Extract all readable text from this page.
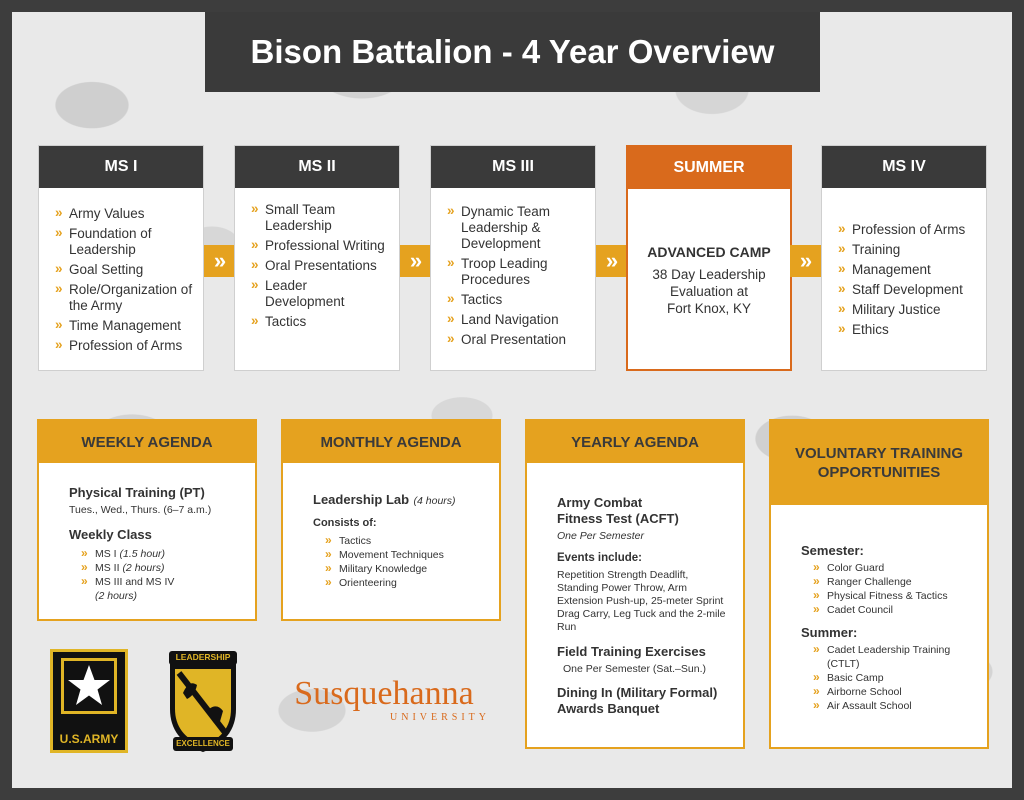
Bison Battalion - 4 Year Overview
MS I
» Army Values
» Foundation of Leadership
» Goal Setting
» Role/Organization of the Army
» Time Management
» Profession of Arms
»
MS II
» Small Team Leadership
» Professional Writing
» Oral Presentations
» Leader Development
» Tactics
»
MS III
» Dynamic Team Leadership & Development
» Troop Leading Procedures
» Tactics
» Land Navigation
» Oral Presentation
»
SUMMER
ADVANCED CAMP
38 Day Leadership
Evaluation at
Fort Knox, KY
»
MS IV
» Profession of Arms
» Training
» Management
» Staff Development
» Military Justice
» Ethics
WEEKLY AGENDA
Physical Training (PT)
Tues., Wed., Thurs. (6–7 a.m.)
Weekly Class
» MS I (1.5 hour)
» MS II (2 hours)
» MS III and MS IV
(2 hours)
MONTHLY AGENDA
Leadership Lab (4 hours)
Consists of:
» Tactics
» Movement Techniques
» Military Knowledge
» Orienteering
YEARLY AGENDA
Army Combat
Fitness Test (ACFT)
One Per Semester
Events include:
Repetition Strength Deadlift, Standing Power Throw, Arm Extension Push-up, 25-meter Sprint Drag Carry, Leg Tuck and the 2-mile Run
Field Training Exercises
One Per Semester (Sat.–Sun.)
Dining In (Military Formal)
Awards Banquet
VOLUNTARY TRAINING
OPPORTUNITIES
Semester:
» Color Guard
» Ranger Challenge
» Physical Fitness & Tactics
» Cadet Council
Summer:
» Cadet Leadership Training (CTLT)
» Basic Camp
» Airborne School
» Air Assault School
U.S.ARMY
LEADERSHIP
EXCELLENCE
Susquehanna
UNIVERSITY
